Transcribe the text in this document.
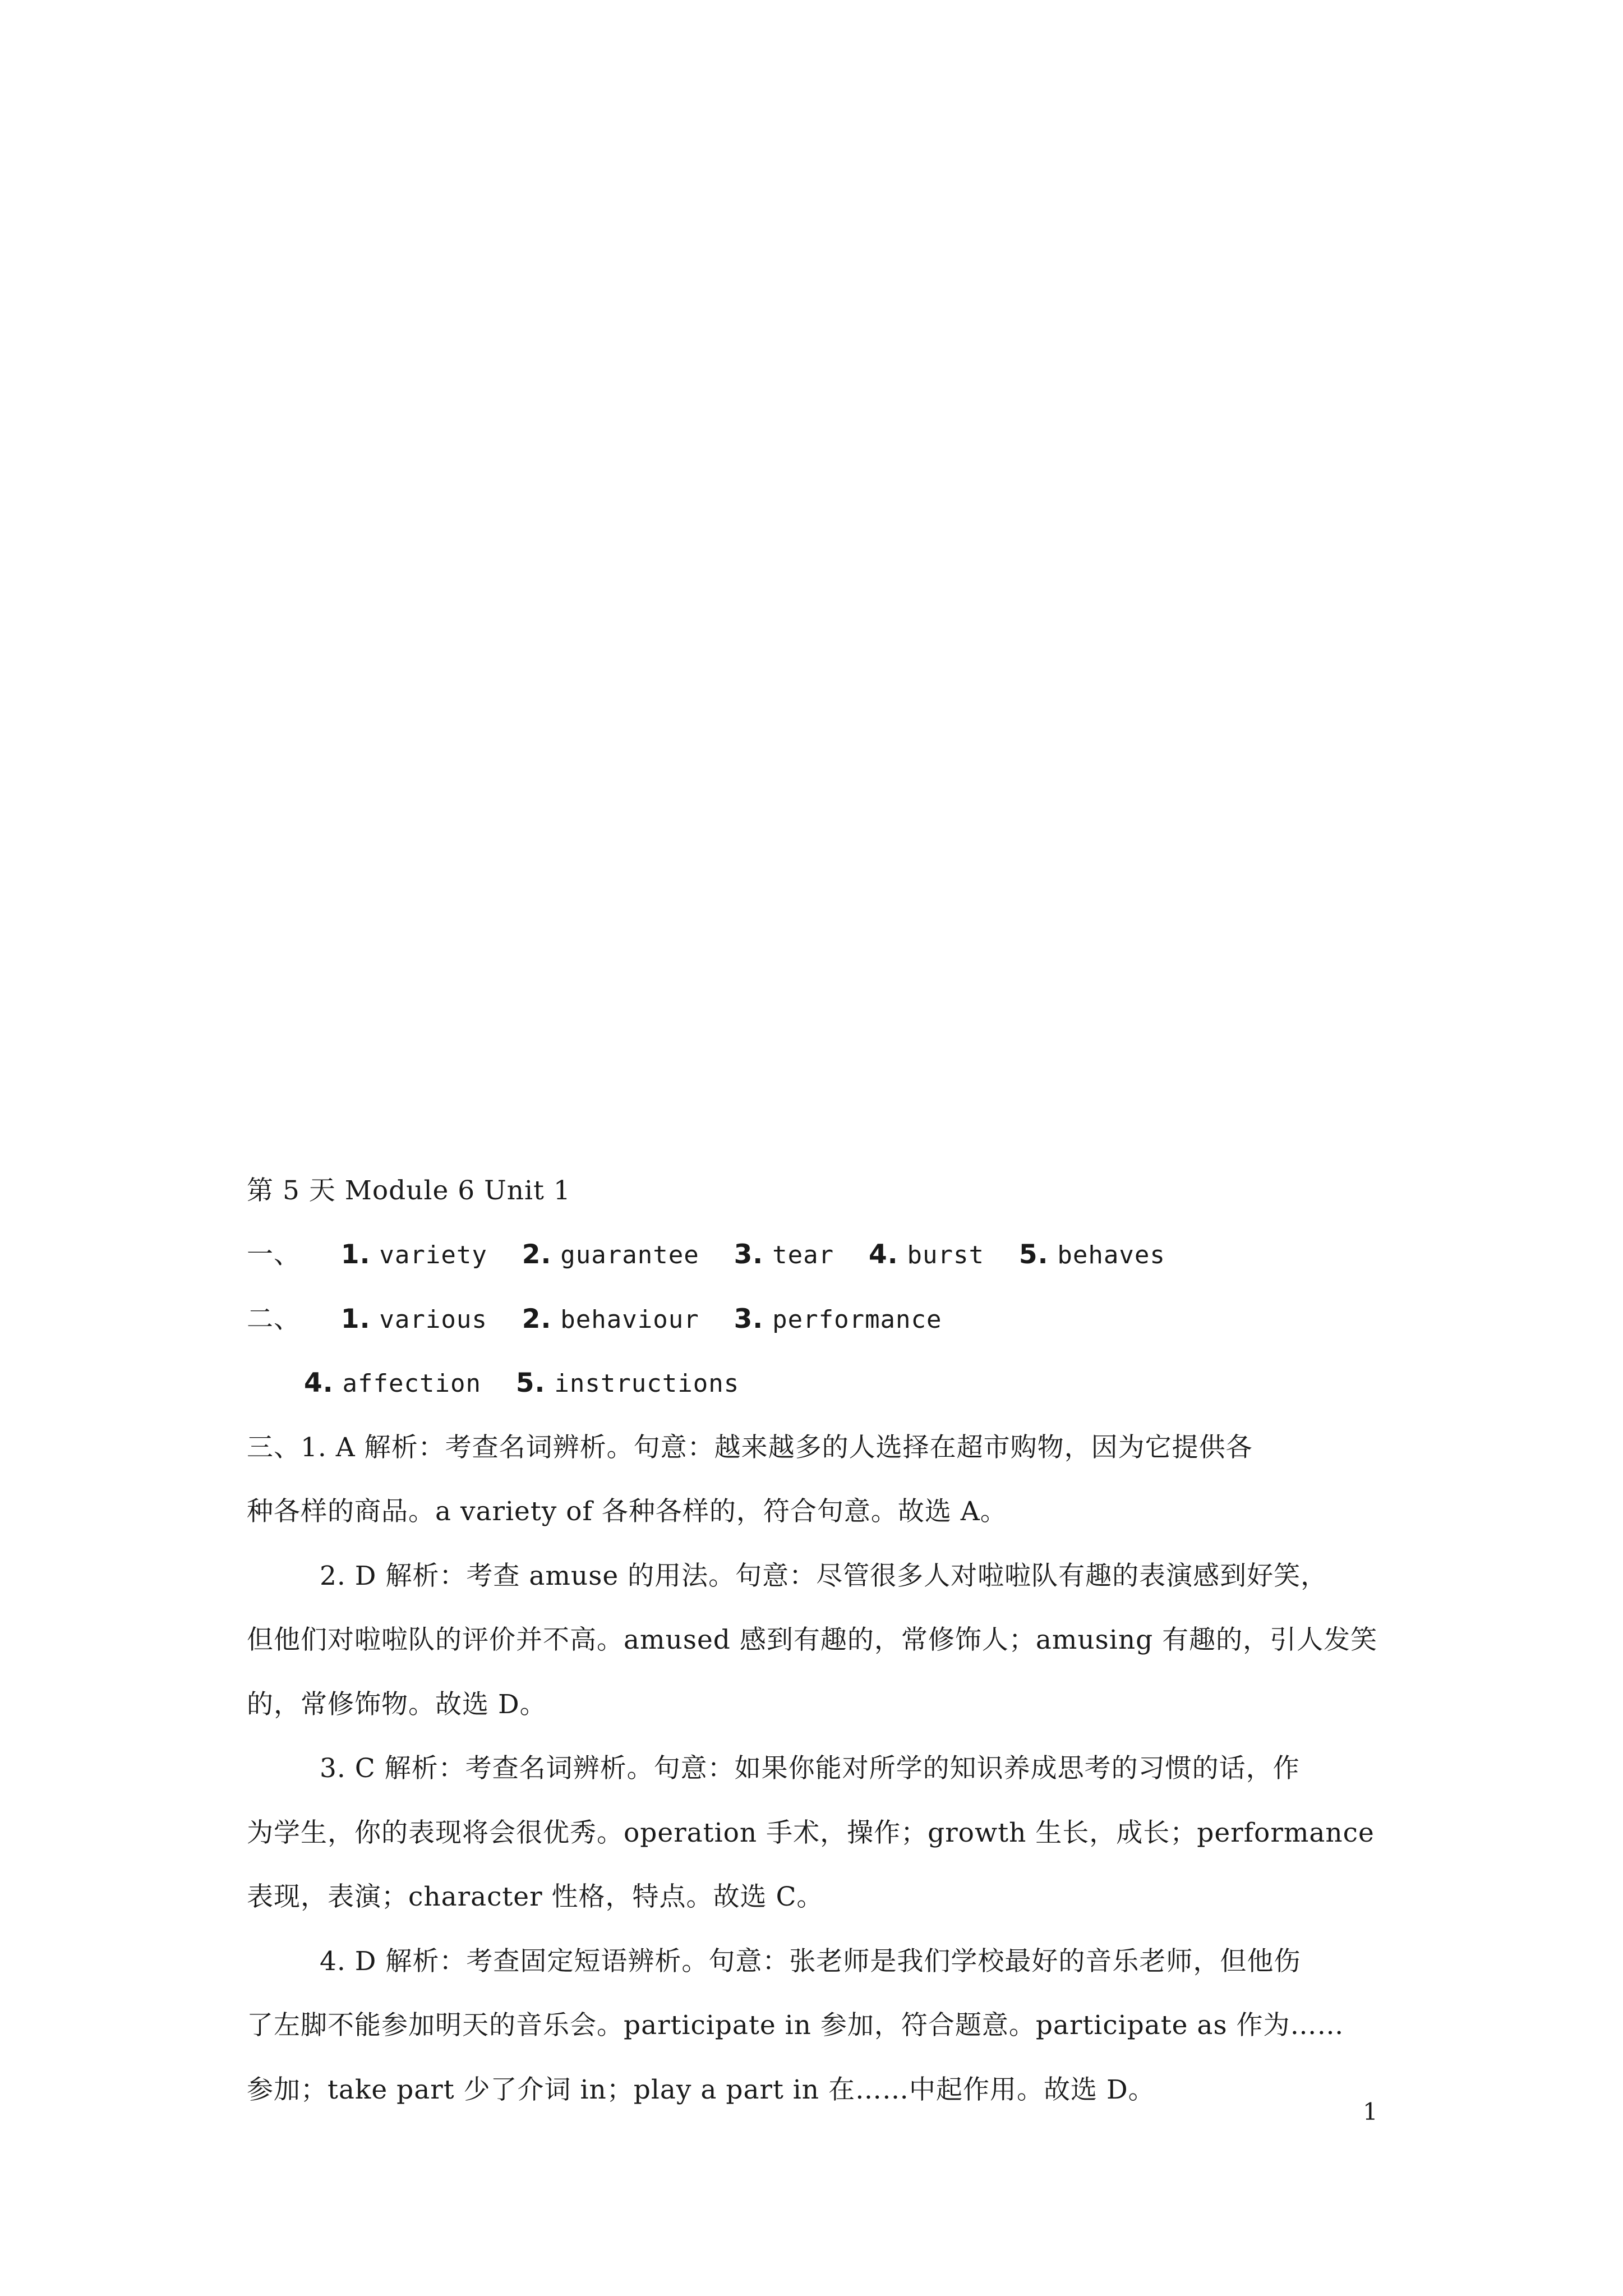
第 5 天 Module 6 Unit 1
一、 1. variety 2. guarantee 3. tear 4. burst 5. behaves
二、 1. various 2. behaviour 3. performance
4. affection 5. instructions
三、1. A 解析：考查名词辨析。句意：越来越多的人选择在超市购物，因为它提供各
种各样的商品。a variety of 各种各样的，符合句意。故选 A。
2. D 解析：考查 amuse 的用法。句意：尽管很多人对啦啦队有趣的表演感到好笑，
但他们对啦啦队的评价并不高。amused 感到有趣的，常修饰人；amusing 有趣的，引人发笑
的，常修饰物。故选 D。
3. C 解析：考查名词辨析。句意：如果你能对所学的知识养成思考的习惯的话，作
为学生，你的表现将会很优秀。operation 手术，操作；growth 生长，成长；performance
表现，表演；character 性格，特点。故选 C。
4. D 解析：考查固定短语辨析。句意：张老师是我们学校最好的音乐老师，但他伤
了左脚不能参加明天的音乐会。participate in 参加，符合题意。participate as 作为……
参加；take part 少了介词 in；play a part in 在……中起作用。故选 D。
1
